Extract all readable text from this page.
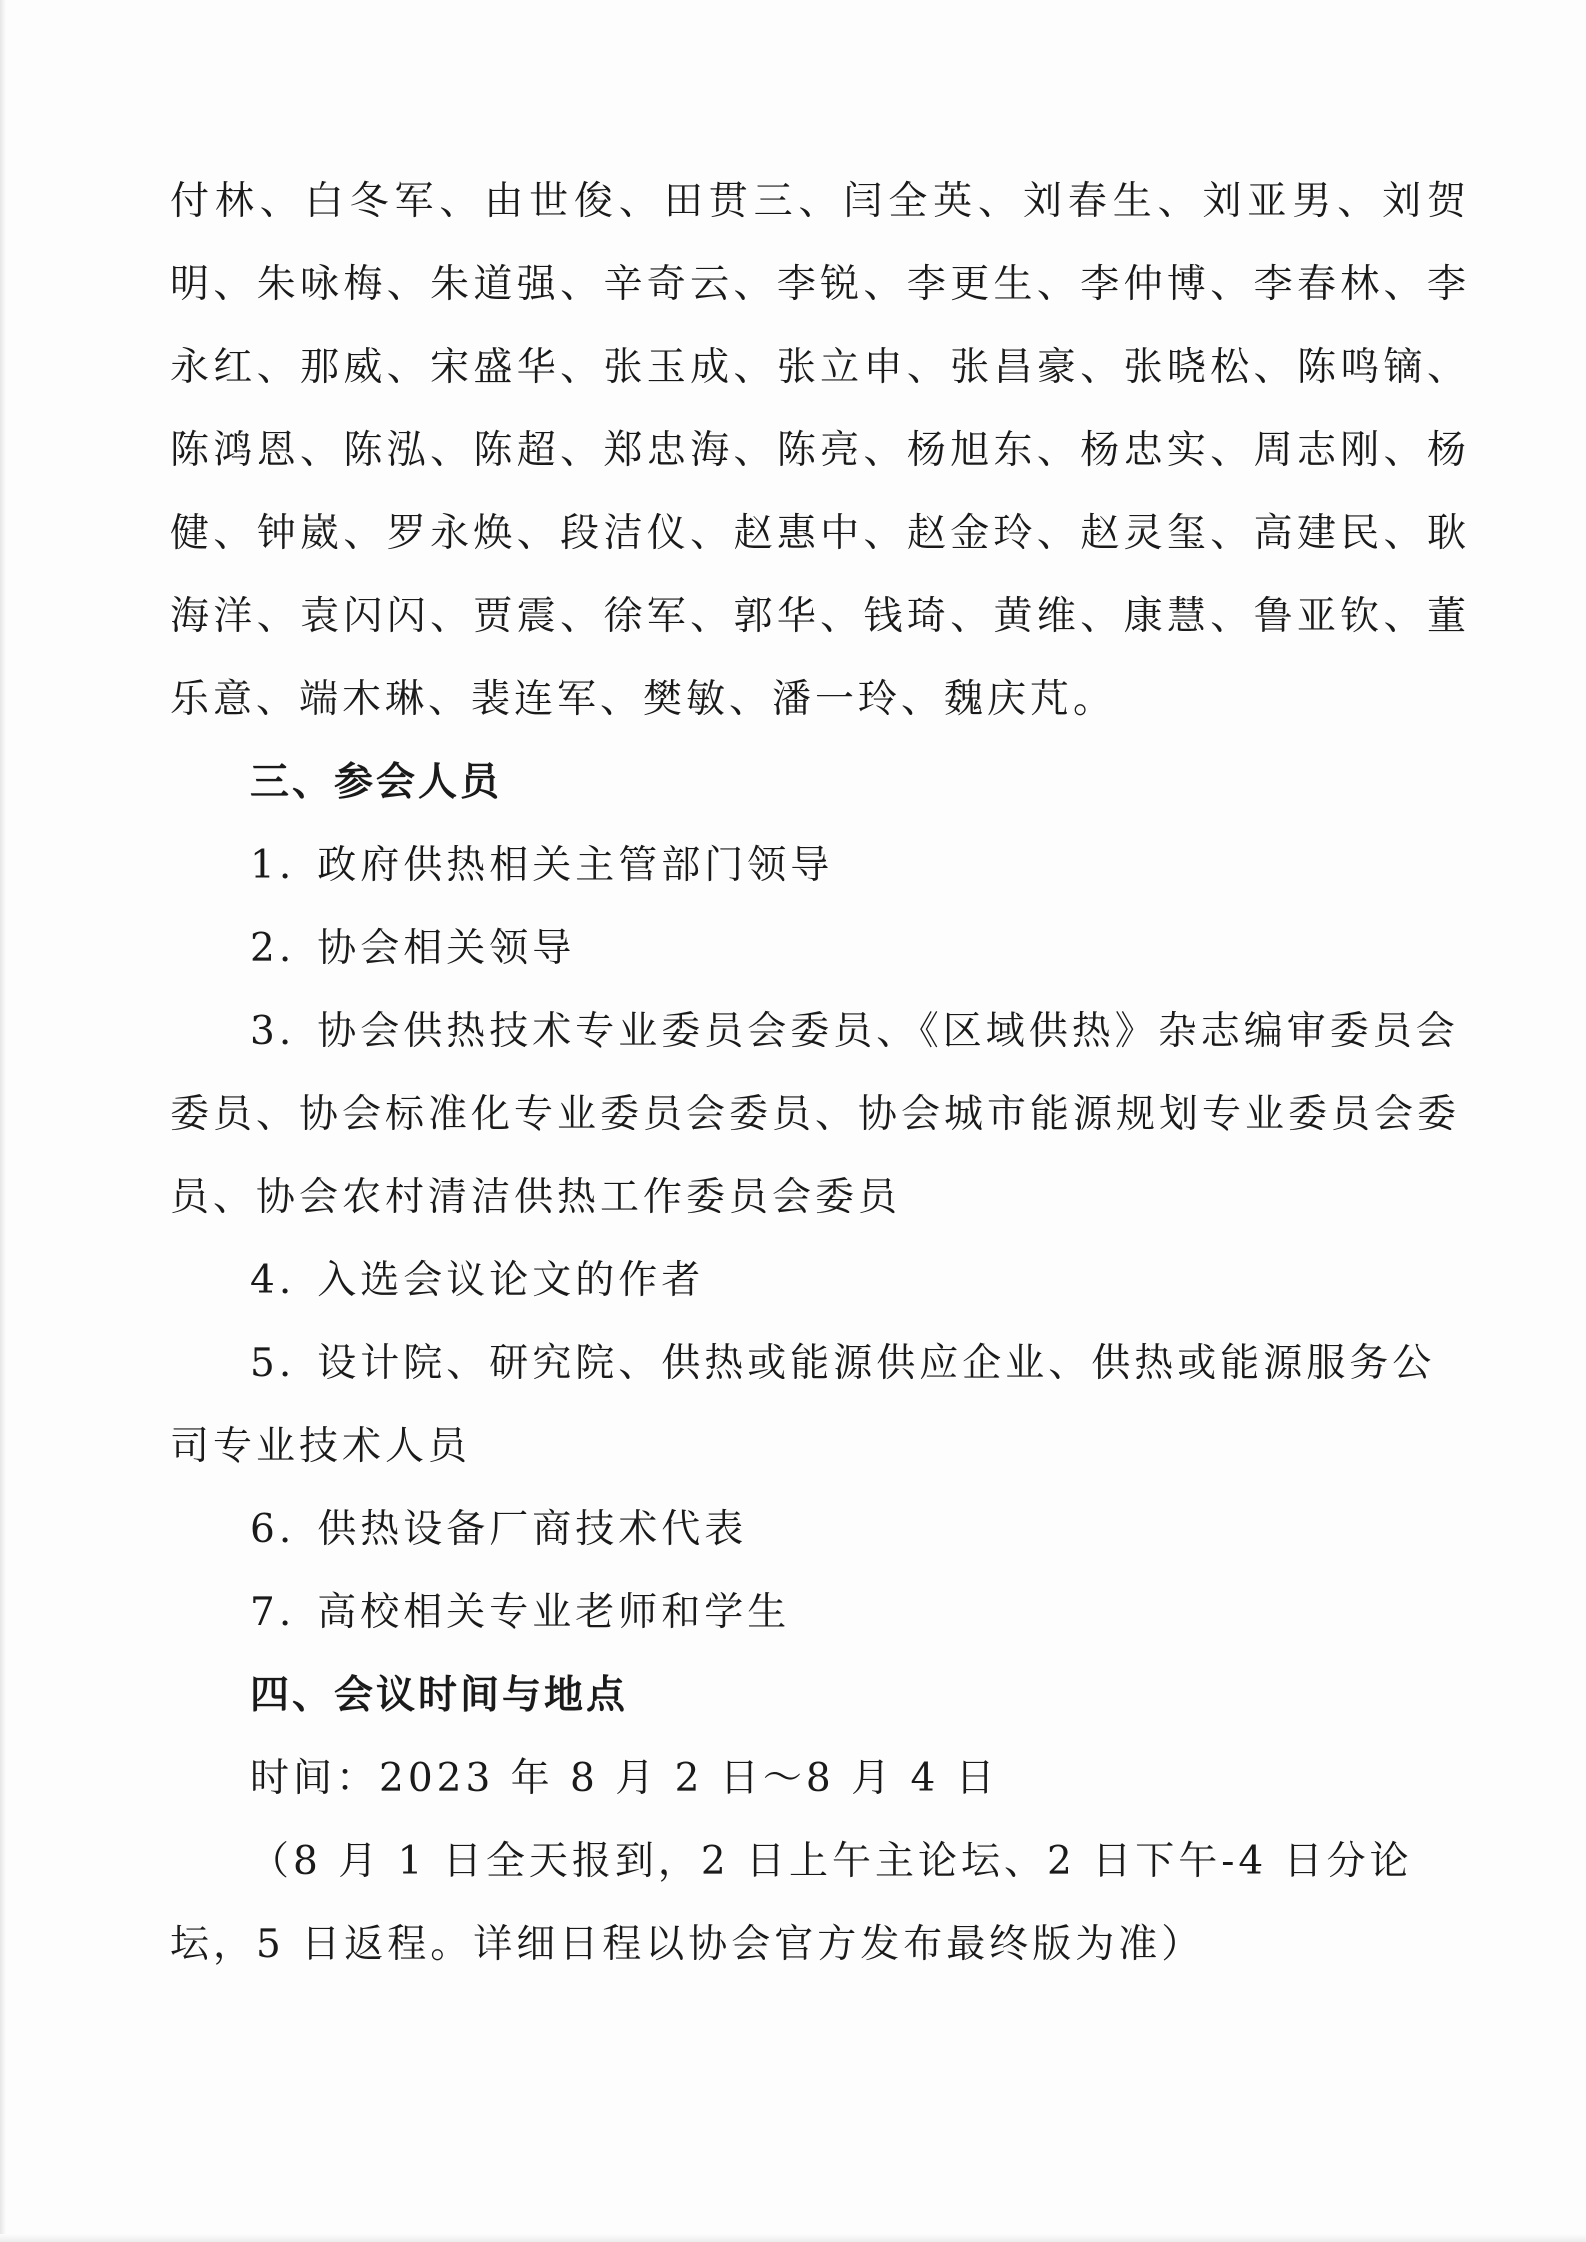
付林、白冬军、由世俊、田贯三、闫全英、刘春生、刘亚男、刘贺明、朱咏梅、朱道强、辛奇云、李锐、李更生、李仲博、李春林、李永红、那威、宋盛华、张玉成、张立申、张昌豪、张晓松、陈鸣镝、陈鸿恩、陈泓、陈超、郑忠海、陈亮、杨旭东、杨忠实、周志刚、杨健、钟崴、罗永焕、段洁仪、赵惠中、赵金玲、赵灵玺、高建民、耿海洋、袁闪闪、贾震、徐军、郭华、钱琦、黄维、康慧、鲁亚钦、董乐意、端木琳、裴连军、樊敏、潘一玲、魏庆芃。

三、参会人员

1. 政府供热相关主管部门领导

2. 协会相关领导

3. 协会供热技术专业委员会委员、《区域供热》杂志编审委员会委员、协会标准化专业委员会委员、协会城市能源规划专业委员会委员、协会农村清洁供热工作委员会委员

4. 入选会议论文的作者

5. 设计院、研究院、供热或能源供应企业、供热或能源服务公司专业技术人员

6. 供热设备厂商技术代表

7. 高校相关专业老师和学生

四、会议时间与地点

时间：2023 年 8 月 2 日～8 月 4 日

（8 月 1 日全天报到，2 日上午主论坛、2 日下午-4 日分论坛，5 日返程。详细日程以协会官方发布最终版为准）
